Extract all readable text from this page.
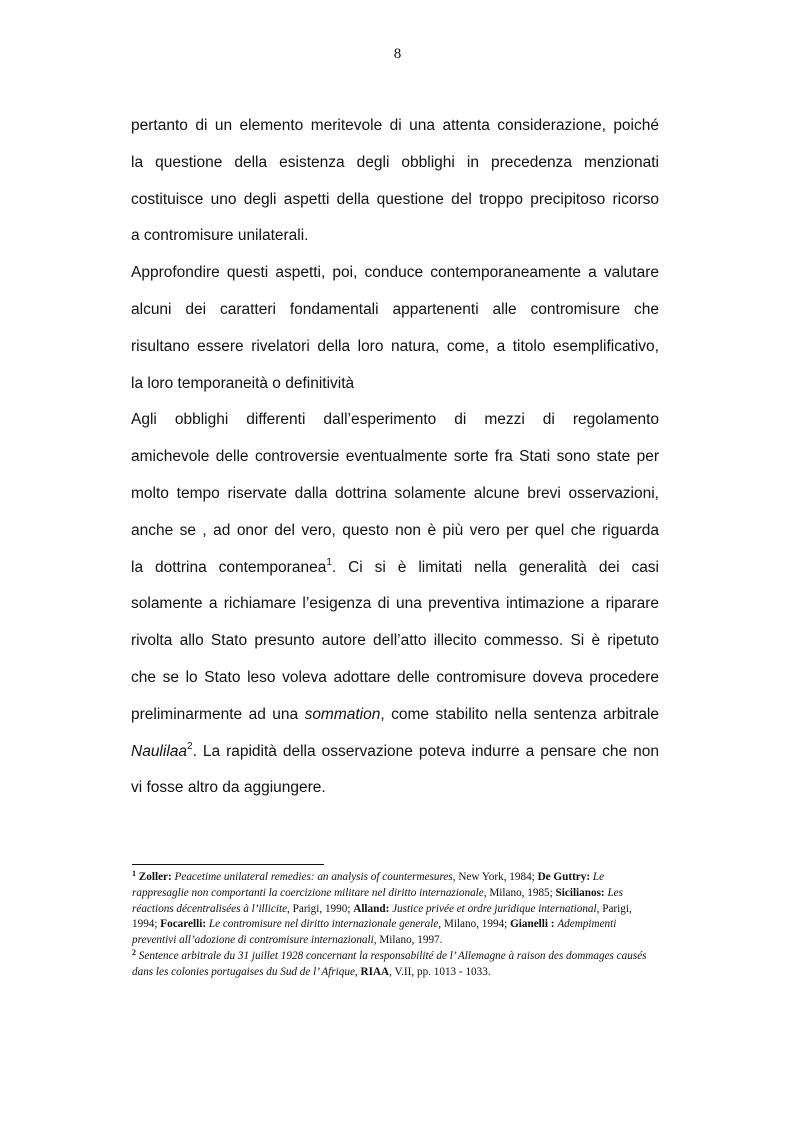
8

pertanto di un elemento meritevole di una attenta considerazione, poiché
la questione della esistenza degli obblighi in precedenza menzionati
costituisce uno degli aspetti della questione del troppo precipitoso ricorso
a contromisure unilaterali.

Approfondire questi aspetti, poi, conduce contemporaneamente a valutare
alcuni dei caratteri fondamentali appartenenti alle contromisure che
risultano essere rivelatori della loro natura, come, a titolo esemplificativo,
la loro temporaneità o definitività

Agli obblighi differenti dall’esperimento di mezzi di regolamento
amichevole delle controversie eventualmente sorte fra Stati sono state per
molto tempo riservate dalla dottrina solamente alcune brevi osservazioni,
anche se , ad onor del vero, questo non è più vero per quel che riguarda
la dottrina contemporanea$^1$. Ci si è limitati nella generalità dei casi
solamente a richiamare l’esigenza di una preventiva intimazione a riparare
rivolta allo Stato presunto autore dell’atto illecito commesso. Si è ripetuto
che se lo Stato leso voleva adottare delle contromisure doveva procedere
preliminarmente ad una sommation, come stabilito nella sentenza arbitrale
Naulilaa$^2$. La rapidità della osservazione poteva indurre a pensare che non
vi fosse altro da aggiungere.

$^1$ Zoller: Peacetime unilateral remedies: an analysis of countermesures, New York, 1984; De Guttry: Le rappresaglie non comportanti la coercizione militare nel diritto internazionale, Milano, 1985; Sicilianos: Les réactions décentralisées à l’illicite, Parigi, 1990; Alland: Justice privée et ordre juridique international, Parigi, 1994; Focarelli: Le contromisure nel diritto internazionale generale, Milano, 1994; Gianelli : Adempimenti preventivi all’adozione di contromisure internazionali, Milano, 1997.

$^2$ Sentence arbitrale du 31 juillet 1928 concernant la responsabilité de l’ Allemagne à raison des dommages causés dans les colonies portugaises du Sud de l’ Afrique, RIAA, V.II, pp. 1013 - 1033.
